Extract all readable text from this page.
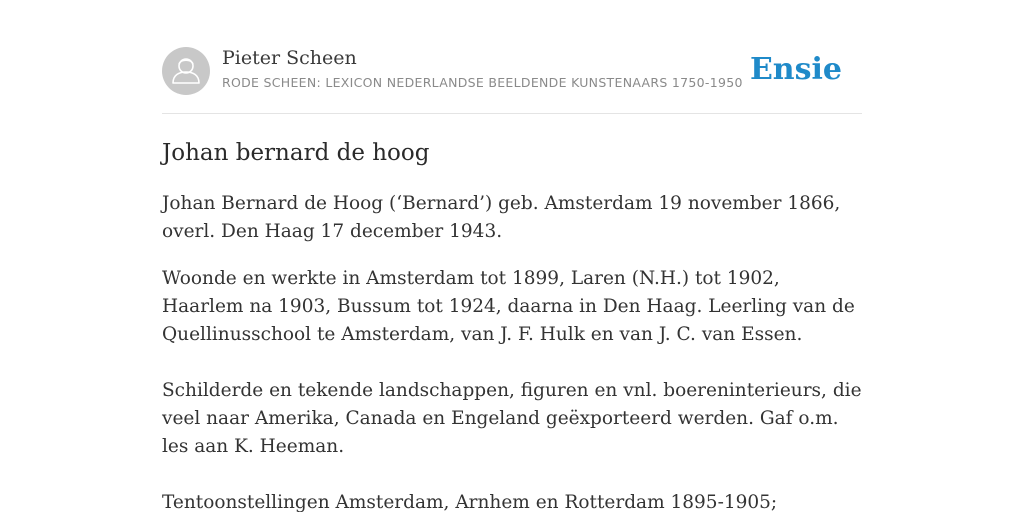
Pieter Scheen
RODE SCHEEN: LEXICON NEDERLANDSE BEELDENDE KUNSTENAARS 1750-1950 Ensie
Johan bernard de hoog

Johan Bernard de Hoog (‘Bernard’) geb. Amsterdam 19 november 1866, overl. Den Haag 17 december 1943.

Woonde en werkte in Amsterdam tot 1899, Laren (N.H.) tot 1902, Haarlem na 1903, Bussum tot 1924, daarna in Den Haag. Leerling van de Quellinusschool te Amsterdam, van J. F. Hulk en van J. C. van Essen.

Schilderde en tekende landschappen, figuren en vnl. boereninterieurs, die veel naar Amerika, Canada en Engeland geëxporteerd werden. Gaf o.m. les aan K. Heeman.

Tentoonstellingen Amsterdam, Arnhem en Rotterdam 1895-1905;
